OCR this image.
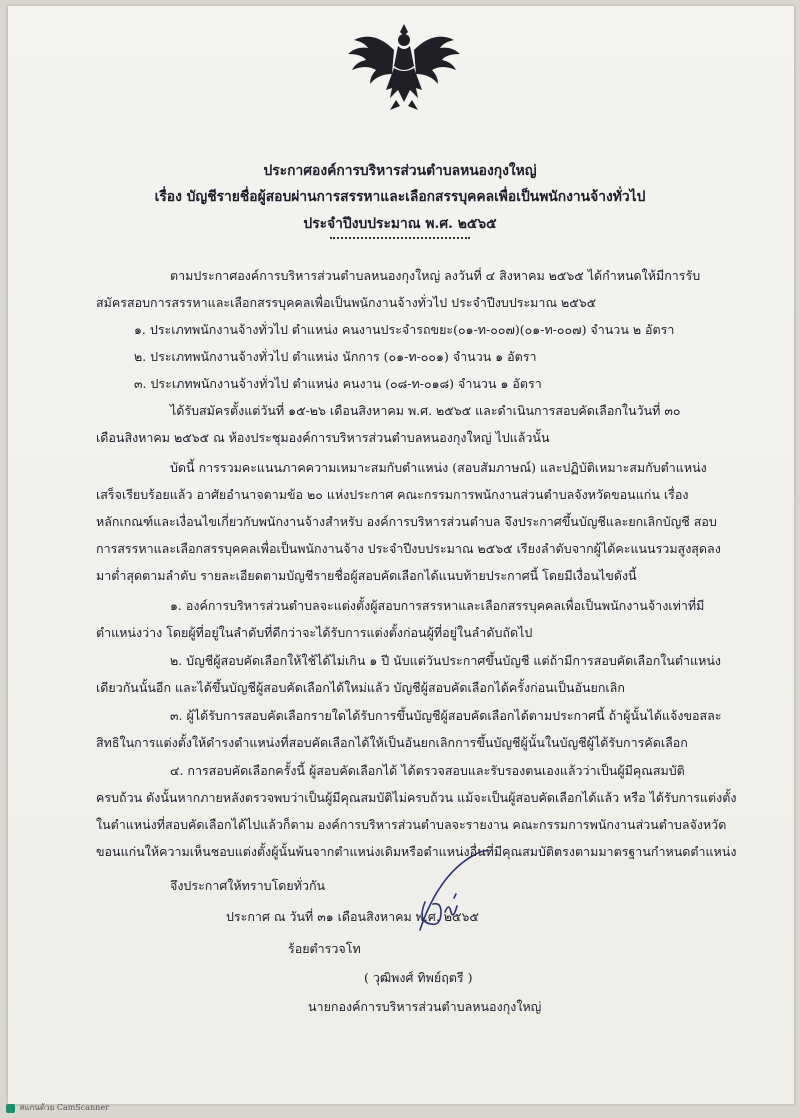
ประกาศองค์การบริหารส่วนตำบลหนองกุงใหญ่
เรื่อง บัญชีรายชื่อผู้สอบผ่านการสรรหาและเลือกสรรบุคคลเพื่อเป็นพนักงานจ้างทั่วไป
ประจำปีงบประมาณ พ.ศ. ๒๕๖๕
ตามประกาศองค์การบริหารส่วนตำบลหนองกุงใหญ่ ลงวันที่ ๔ สิงหาคม ๒๕๖๕ ได้กำหนดให้มีการรับ
สมัครสอบการสรรหาและเลือกสรรบุคคลเพื่อเป็นพนักงานจ้างทั่วไป ประจำปีงบประมาณ ๒๕๖๕
๑. ประเภทพนักงานจ้างทั่วไป ตำแหน่ง คนงานประจำรถขยะ(๐๑-ท-๐๐๗)(๐๑-ท-๐๐๗) จำนวน ๒ อัตรา
๒. ประเภทพนักงานจ้างทั่วไป ตำแหน่ง นักการ (๐๑-ท-๐๐๑) จำนวน ๑ อัตรา
๓. ประเภทพนักงานจ้างทั่วไป ตำแหน่ง คนงาน (๐๘-ท-๐๑๘) จำนวน ๑ อัตรา
ได้รับสมัครตั้งแต่วันที่ ๑๕-๒๖ เดือนสิงหาคม พ.ศ. ๒๕๖๕ และดำเนินการสอบคัดเลือกในวันที่ ๓๐
เดือนสิงหาคม ๒๕๖๕ ณ ห้องประชุมองค์การบริหารส่วนตำบลหนองกุงใหญ่ ไปแล้วนั้น
บัดนี้ การรวมคะแนนภาคความเหมาะสมกับตำแหน่ง (สอบสัมภาษณ์) และปฏิบัติเหมาะสมกับตำแหน่ง
เสร็จเรียบร้อยแล้ว อาศัยอำนาจตามข้อ ๒๐ แห่งประกาศ คณะกรรมการพนักงานส่วนตำบลจังหวัดขอนแก่น เรื่อง
หลักเกณฑ์และเงื่อนไขเกี่ยวกับพนักงานจ้างสำหรับ องค์การบริหารส่วนตำบล จึงประกาศขึ้นบัญชีและยกเลิกบัญชี สอบ
การสรรหาและเลือกสรรบุคคลเพื่อเป็นพนักงานจ้าง ประจำปีงบประมาณ ๒๕๖๕ เรียงลำดับจากผู้ได้คะแนนรวมสูงสุดลง
มาต่ำสุดตามลำดับ รายละเอียดตามบัญชีรายชื่อผู้สอบคัดเลือกได้แนบท้ายประกาศนี้ โดยมีเงื่อนไขดังนี้
๑. องค์การบริหารส่วนตำบลจะแต่งตั้งผู้สอบการสรรหาและเลือกสรรบุคคลเพื่อเป็นพนักงานจ้างเท่าที่มี
ตำแหน่งว่าง โดยผู้ที่อยู่ในลำดับที่ดีกว่าจะได้รับการแต่งตั้งก่อนผู้ที่อยู่ในลำดับถัดไป
๒. บัญชีผู้สอบคัดเลือกให้ใช้ได้ไม่เกิน ๑ ปี นับแต่วันประกาศขึ้นบัญชี แต่ถ้ามีการสอบคัดเลือกในตำแหน่ง
เดียวกันนั้นอีก และได้ขึ้นบัญชีผู้สอบคัดเลือกได้ใหม่แล้ว บัญชีผู้สอบคัดเลือกได้ครั้งก่อนเป็นอันยกเลิก
๓. ผู้ได้รับการสอบคัดเลือกรายใดได้รับการขึ้นบัญชีผู้สอบคัดเลือกได้ตามประกาศนี้ ถ้าผู้นั้นได้แจ้งขอสละ
สิทธิในการแต่งตั้งให้ดำรงตำแหน่งที่สอบคัดเลือกได้ให้เป็นอันยกเลิกการขึ้นบัญชีผู้นั้นในบัญชีผู้ได้รับการคัดเลือก
๔. การสอบคัดเลือกครั้งนี้ ผู้สอบคัดเลือกได้ ได้ตรวจสอบและรับรองตนเองแล้วว่าเป็นผู้มีคุณสมบัติ
ครบถ้วน ดังนั้นหากภายหลังตรวจพบว่าเป็นผู้มีคุณสมบัติไม่ครบถ้วน แม้จะเป็นผู้สอบคัดเลือกได้แล้ว หรือ ได้รับการแต่งตั้ง
ในตำแหน่งที่สอบคัดเลือกได้ไปแล้วก็ตาม องค์การบริหารส่วนตำบลจะรายงาน คณะกรรมการพนักงานส่วนตำบลจังหวัด
ขอนแก่นให้ความเห็นชอบแต่งตั้งผู้นั้นพ้นจากตำแหน่งเดิมหรือตำแหน่งอื่นที่มีคุณสมบัติตรงตามมาตรฐานกำหนดตำแหน่ง
จึงประกาศให้ทราบโดยทั่วกัน
ประกาศ ณ วันที่ ๓๑ เดือนสิงหาคม พ.ศ. ๒๕๖๕
ร้อยตำรวจโท
( วุฒิพงศ์ ทิพย์ฤตรี )
นายกองค์การบริหารส่วนตำบลหนองกุงใหญ่
สแกนด้วย CamScanner
